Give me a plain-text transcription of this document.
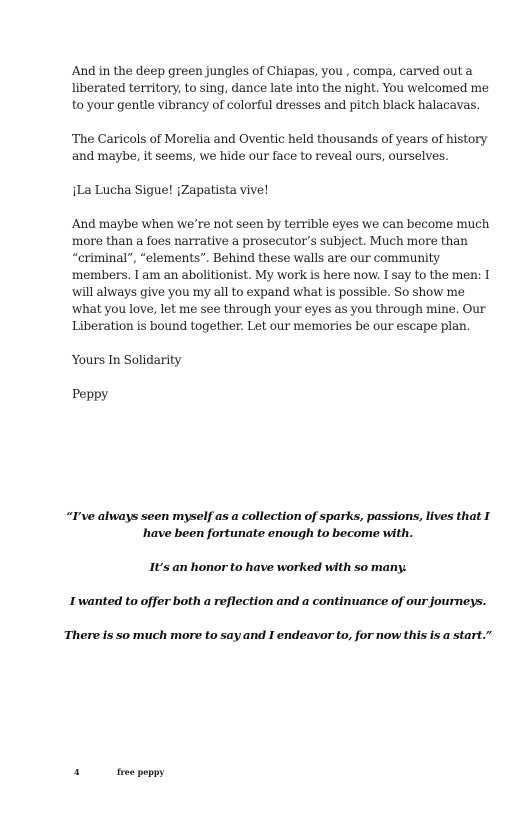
And in the deep green jungles of Chiapas, you , compa, carved out a liberated territory, to sing, dance late into the night. You welcomed me to your gentle vibrancy of colorful dresses and pitch black halacavas.

The Caricols of Morelia and Oventic held thousands of years of history and maybe, it seems, we hide our face to reveal ours, ourselves.

¡La Lucha Sigue! ¡Zapatista vive!

And maybe when we’re not seen by terrible eyes we can become much more than a foes narrative a prosecutor’s subject. Much more than “criminal”, “elements”. Behind these walls are our community members. I am an abolitionist. My work is here now. I say to the men: I will always give you my all to expand what is possible. So show me what you love, let me see through your eyes as you through mine. Our Liberation is bound together. Let our memories be our escape plan.

Yours In Solidarity

Peppy

“I’ve always seen myself as a collection of sparks, passions, lives that I have been fortunate enough to become with.

It’s an honor to have worked with so many.

I wanted to offer both a reflection and a continuance of our journeys.

There is so much more to say and I endeavor to, for now this is a start.”

4	free peppy
